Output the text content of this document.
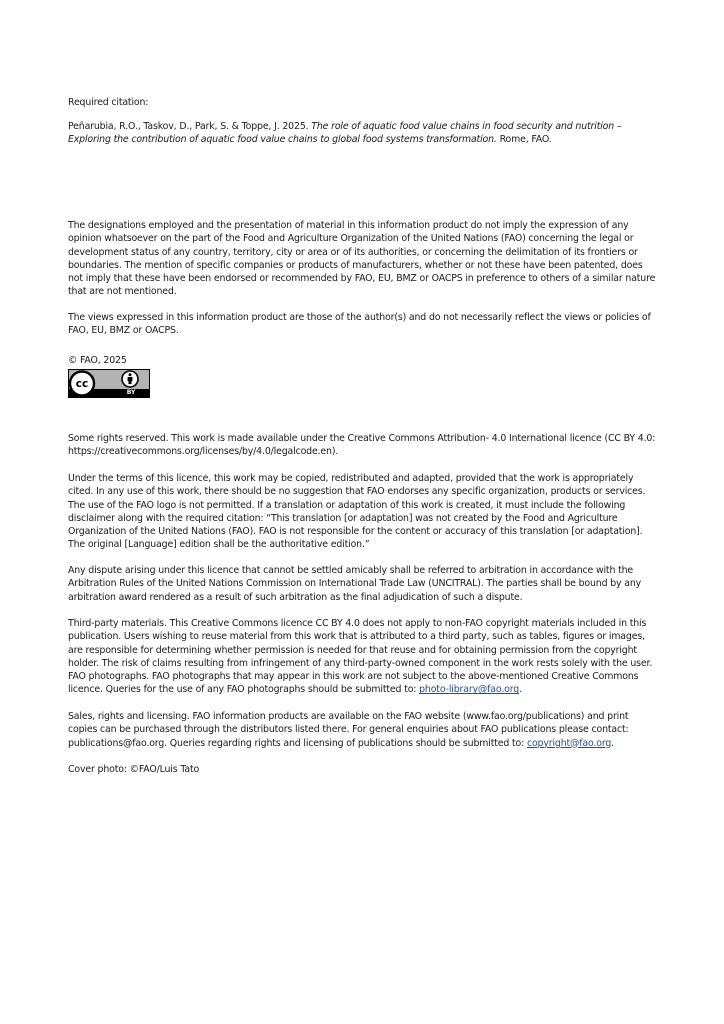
Required citation:

Peñarubia, R.O., Taskov, D., Park, S. & Toppe, J. 2025. The role of aquatic food value chains in food security and nutrition – Exploring the contribution of aquatic food value chains to global food systems transformation. Rome, FAO.

The designations employed and the presentation of material in this information product do not imply the expression of any opinion whatsoever on the part of the Food and Agriculture Organization of the United Nations (FAO) concerning the legal or development status of any country, territory, city or area or of its authorities, or concerning the delimitation of its frontiers or boundaries. The mention of specific companies or products of manufacturers, whether or not these have been patented, does not imply that these have been endorsed or recommended by FAO, EU, BMZ or OACPS in preference to others of a similar nature that are not mentioned.

The views expressed in this information product are those of the author(s) and do not necessarily reflect the views or policies of FAO, EU, BMZ or OACPS.

© FAO, 2025

cc
BY

Some rights reserved. This work is made available under the Creative Commons Attribution- 4.0 International licence (CC BY 4.0: https://creativecommons.org/licenses/by/4.0/legalcode.en).

Under the terms of this licence, this work may be copied, redistributed and adapted, provided that the work is appropriately cited. In any use of this work, there should be no suggestion that FAO endorses any specific organization, products or services. The use of the FAO logo is not permitted. If a translation or adaptation of this work is created, it must include the following disclaimer along with the required citation: “This translation [or adaptation] was not created by the Food and Agriculture Organization of the United Nations (FAO). FAO is not responsible for the content or accuracy of this translation [or adaptation]. The original [Language] edition shall be the authoritative edition.”

Any dispute arising under this licence that cannot be settled amicably shall be referred to arbitration in accordance with the Arbitration Rules of the United Nations Commission on International Trade Law (UNCITRAL). The parties shall be bound by any arbitration award rendered as a result of such arbitration as the final adjudication of such a dispute.

Third-party materials. This Creative Commons licence CC BY 4.0 does not apply to non-FAO copyright materials included in this publication. Users wishing to reuse material from this work that is attributed to a third party, such as tables, figures or images, are responsible for determining whether permission is needed for that reuse and for obtaining permission from the copyright holder. The risk of claims resulting from infringement of any third-party-owned component in the work rests solely with the user. FAO photographs. FAO photographs that may appear in this work are not subject to the above-mentioned Creative Commons licence. Queries for the use of any FAO photographs should be submitted to: photo-library@fao.org.

Sales, rights and licensing. FAO information products are available on the FAO website (www.fao.org/publications) and print copies can be purchased through the distributors listed there. For general enquiries about FAO publications please contact: publications@fao.org. Queries regarding rights and licensing of publications should be submitted to: copyright@fao.org.

Cover photo: ©FAO/Luis Tato
